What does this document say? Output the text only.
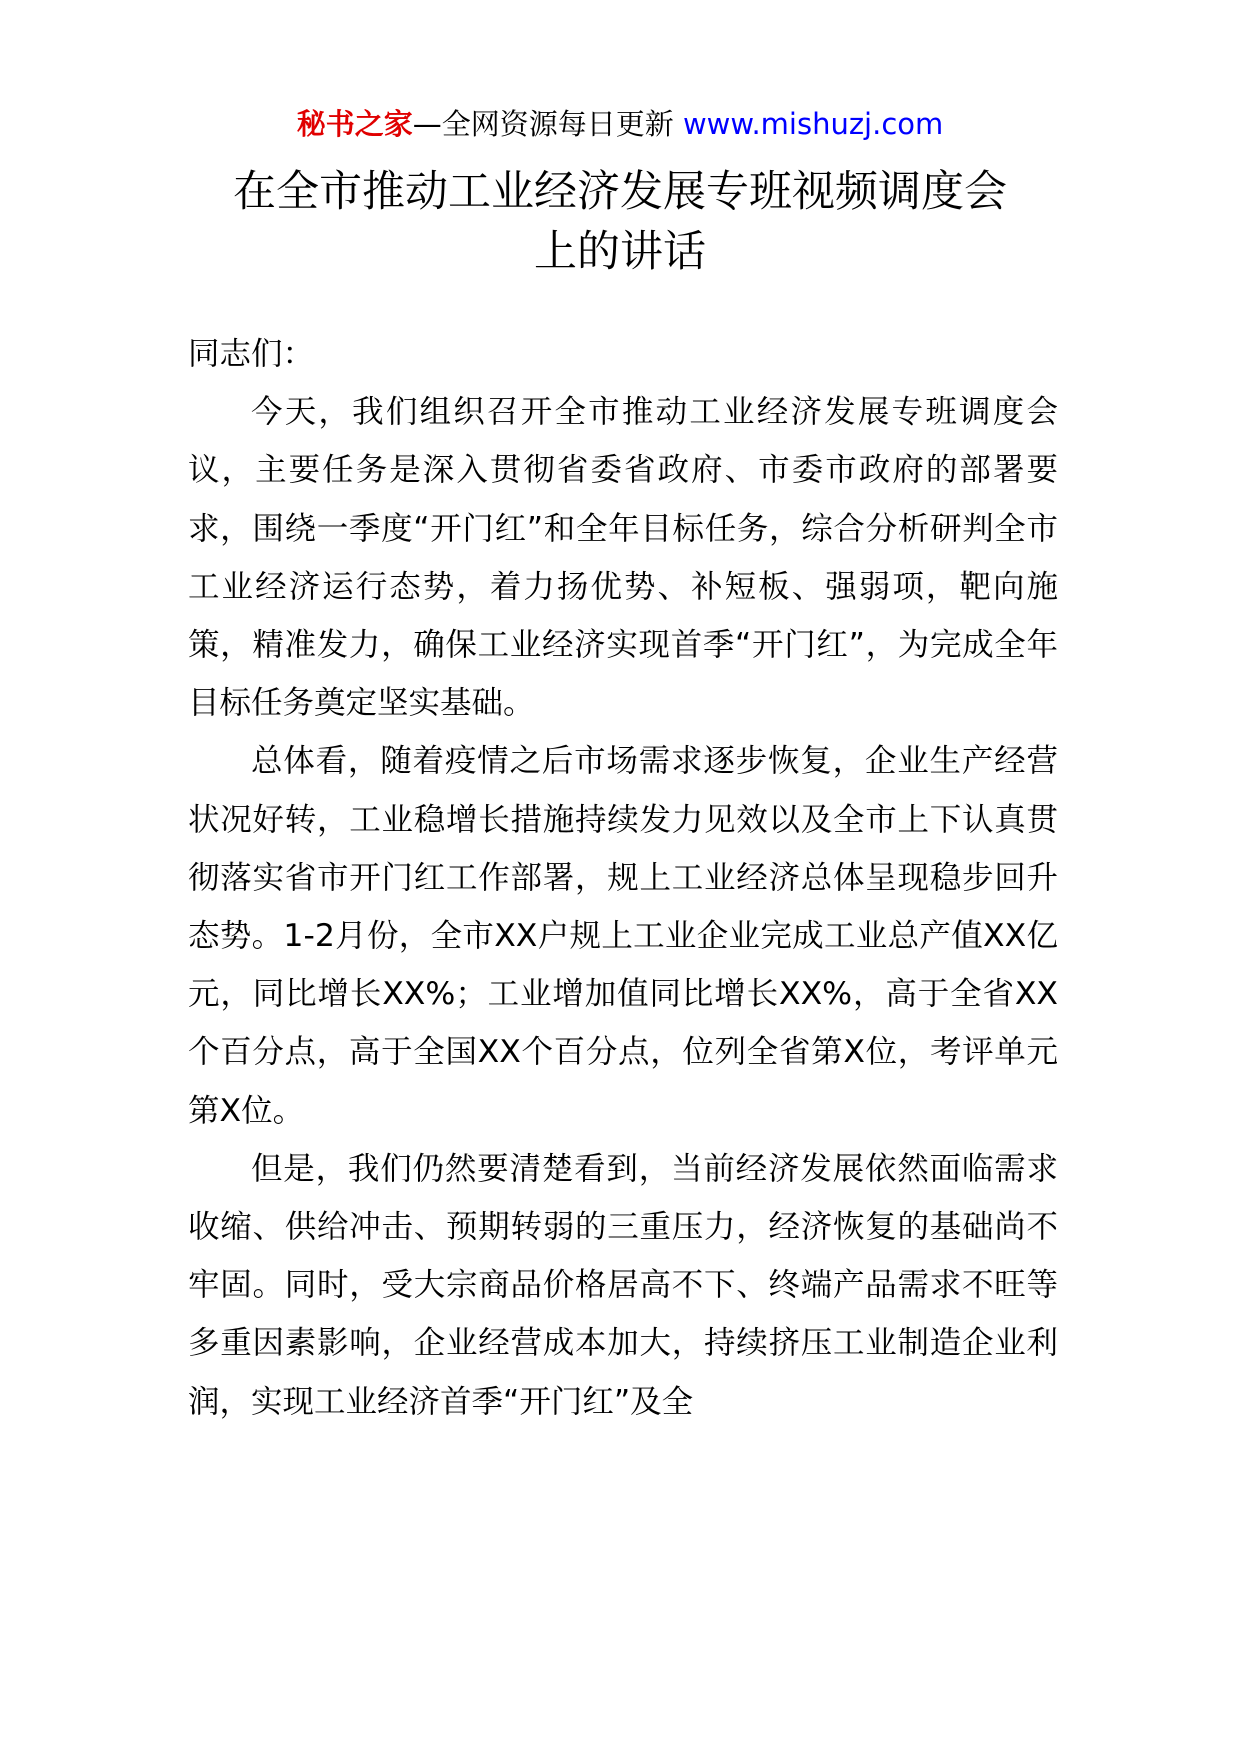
秘书之家—全网资源每日更新 www.mishuzj.com
在全市推动工业经济发展专班视频调度会
上的讲话

同志们：

今天，我们组织召开全市推动工业经济发展专班调度会议，主要任务是深入贯彻省委省政府、市委市政府的部署要求，围绕一季度“开门红”和全年目标任务，综合分析研判全市工业经济运行态势，着力扬优势、补短板、强弱项，靶向施策，精准发力，确保工业经济实现首季“开门红”，为完成全年目标任务奠定坚实基础。

总体看，随着疫情之后市场需求逐步恢复，企业生产经营状况好转，工业稳增长措施持续发力见效以及全市上下认真贯彻落实省市开门红工作部署，规上工业经济总体呈现稳步回升态势。1-2月份，全市XX户规上工业企业完成工业总产值XX亿元，同比增长XX%；工业增加值同比增长XX%，高于全省XX个百分点，高于全国XX个百分点，位列全省第X位，考评单元第X位。

但是，我们仍然要清楚看到，当前经济发展依然面临需求收缩、供给冲击、预期转弱的三重压力，经济恢复的基础尚不牢固。同时，受大宗商品价格居高不下、终端产品需求不旺等多重因素影响，企业经营成本加大，持续挤压工业制造企业利润，实现工业经济首季“开门红”及全
